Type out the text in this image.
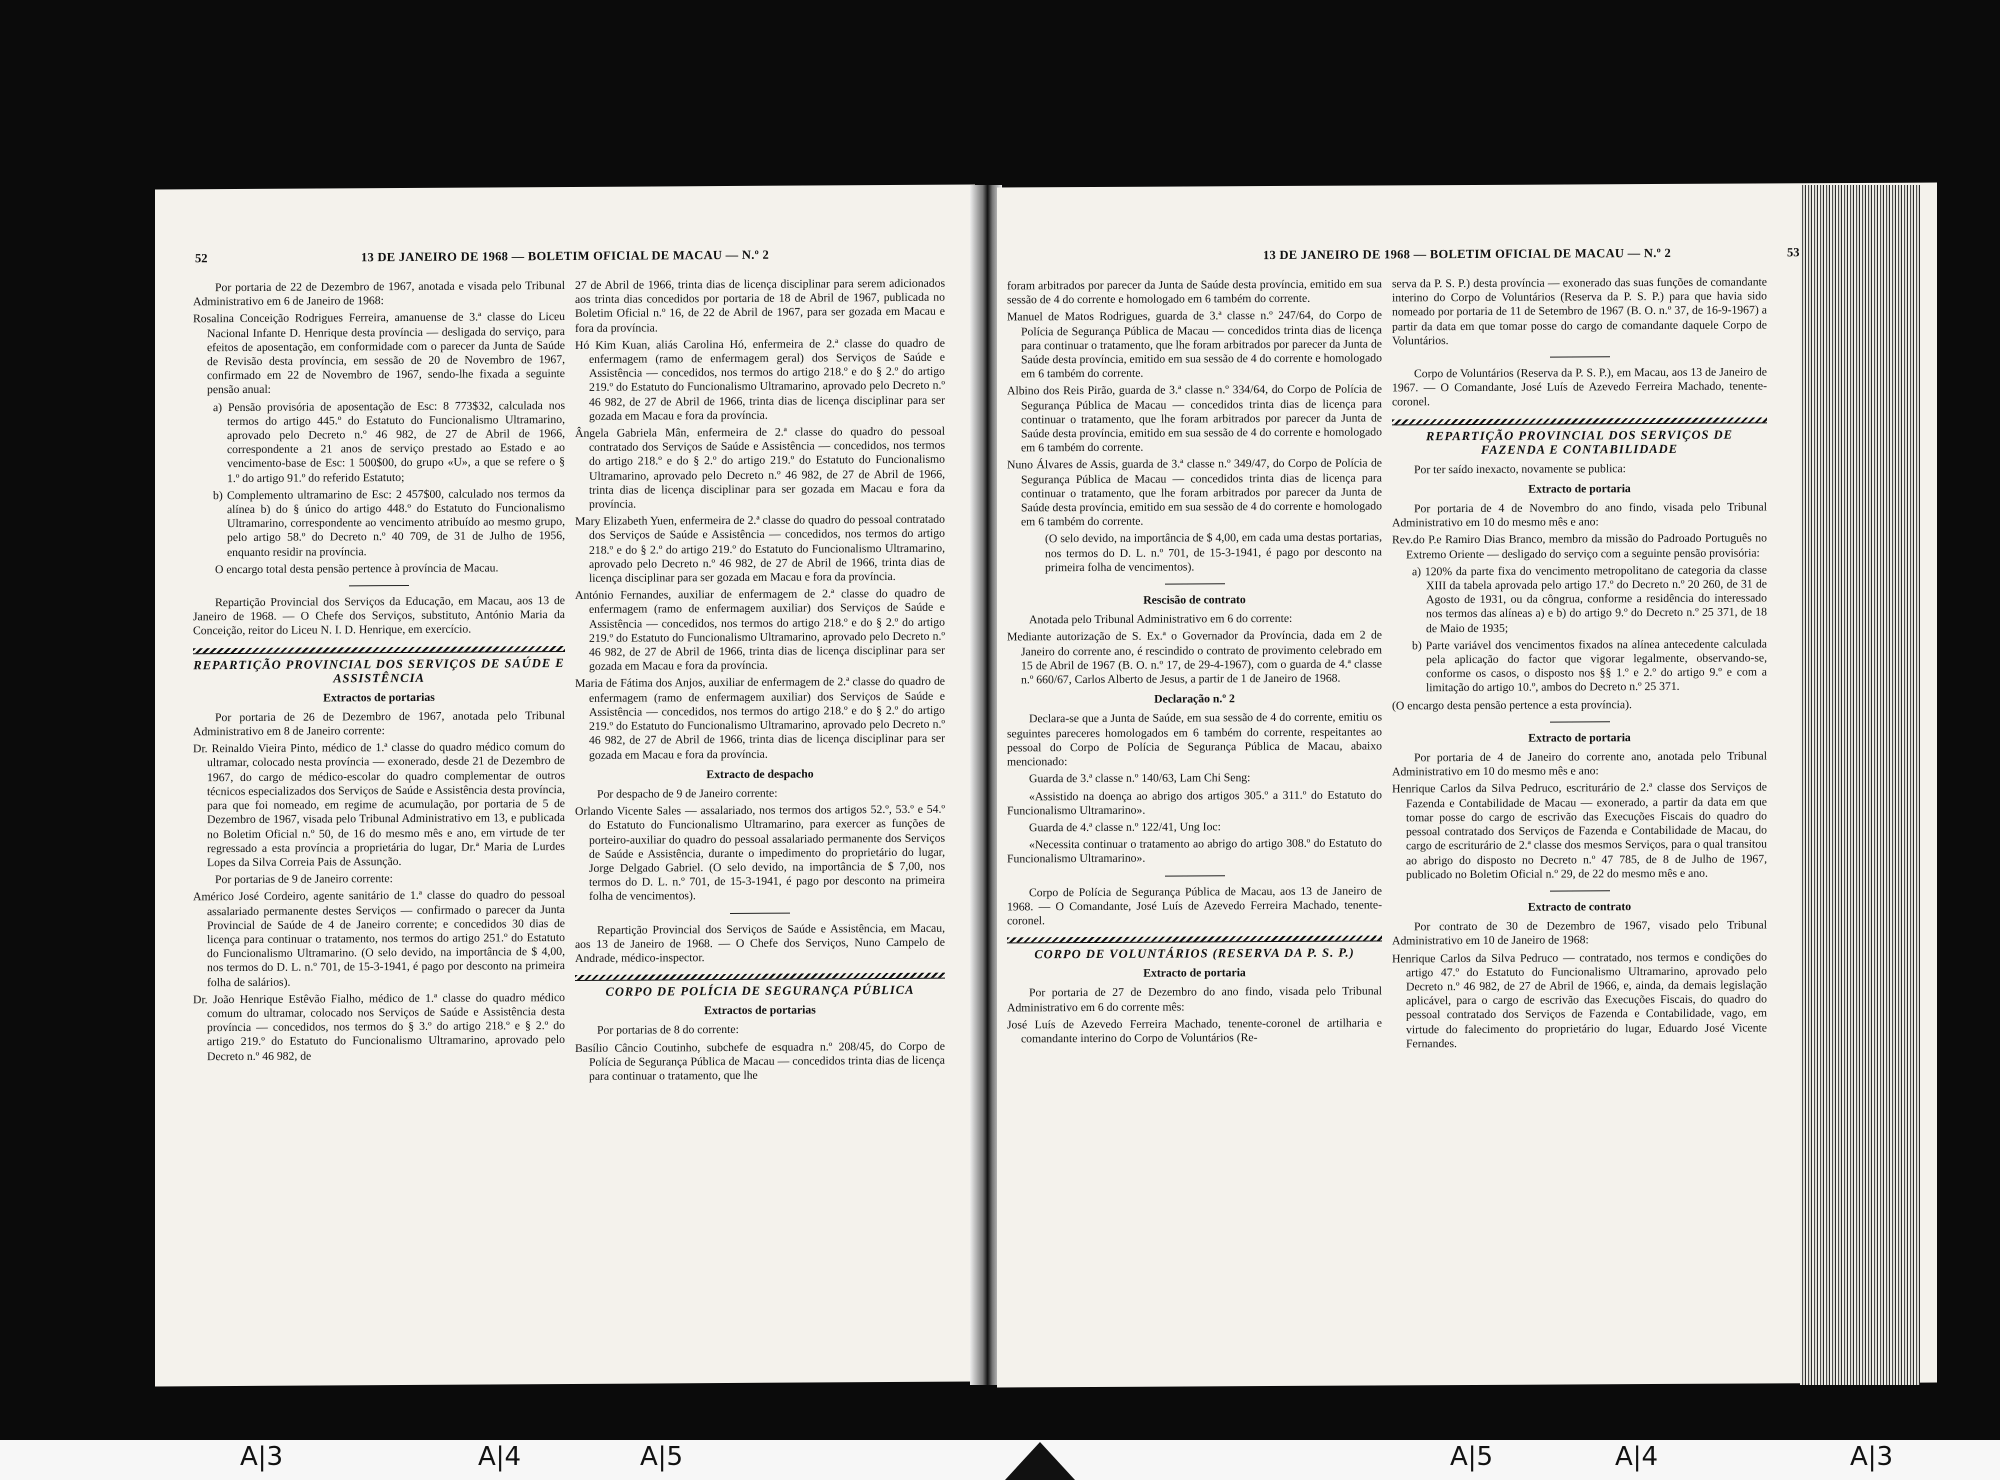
52	13 DE JANEIRO DE 1968 — BOLETIM OFICIAL DE MACAU — N.º 2

Por portaria de 22 de Dezembro de 1967, anotada e visada pelo Tribunal Administrativo em 6 de Janeiro de 1968:

Rosalina Conceição Rodrigues Ferreira, amanuense de 3.ª classe do Liceu Nacional Infante D. Henrique desta província — desligada do serviço, para efeitos de aposentação, em conformidade com o parecer da Junta de Saúde de Revisão desta província, em sessão de 20 de Novembro de 1967, confirmado em 22 de Novembro de 1967, sendo-lhe fixada a seguinte pensão anual:

a) Pensão provisória de aposentação de Esc: 8 773$32, calculada nos termos do artigo 445.º do Estatuto do Funcionalismo Ultramarino, aprovado pelo Decreto n.º 46 982, de 27 de Abril de 1966, correspondente a 21 anos de serviço prestado ao Estado e ao vencimento-base de Esc: 1 500$00, do grupo «U», a que se refere o § 1.º do artigo 91.º do referido Estatuto;

b) Complemento ultramarino de Esc: 2 457$00, calculado nos termos da alínea b) do § único do artigo 448.º do Estatuto do Funcionalismo Ultramarino, correspondente ao vencimento atribuído ao mesmo grupo, pelo artigo 58.º do Decreto n.º 40 709, de 31 de Julho de 1956, enquanto residir na província.

O encargo total desta pensão pertence à província de Macau.

Repartição Provincial dos Serviços da Educação, em Macau, aos 13 de Janeiro de 1968. — O Chefe dos Serviços, substituto, António Maria da Conceição, reitor do Liceu N. I. D. Henrique, em exercício.

REPARTIÇÃO PROVINCIAL DOS SERVIÇOS DE SAÚDE E ASSISTÊNCIA

Extractos de portarias

Por portaria de 26 de Dezembro de 1967, anotada pelo Tribunal Administrativo em 8 de Janeiro corrente:

Dr. Reinaldo Vieira Pinto, médico de 1.ª classe do quadro médico comum do ultramar, colocado nesta província — exonerado, desde 21 de Dezembro de 1967, do cargo de médico-escolar do quadro complementar de outros técnicos especializados dos Serviços de Saúde e Assistência desta província, para que foi nomeado, em regime de acumulação, por portaria de 5 de Dezembro de 1967, visada pelo Tribunal Administrativo em 13, e publicada no Boletim Oficial n.º 50, de 16 do mesmo mês e ano, em virtude de ter regressado a esta província a proprietária do lugar, Dr.ª Maria de Lurdes Lopes da Silva Correia Pais de Assunção.

Por portarias de 9 de Janeiro corrente:

Américo José Cordeiro, agente sanitário de 1.ª classe do quadro do pessoal assalariado permanente destes Serviços — confirmado o parecer da Junta Provincial de Saúde de 4 de Janeiro corrente; e concedidos 30 dias de licença para continuar o tratamento, nos termos do artigo 251.º do Estatuto do Funcionalismo Ultramarino. (O selo devido, na importância de $ 4,00, nos termos do D. L. n.º 701, de 15-3-1941, é pago por desconto na primeira folha de salários).

Dr. João Henrique Estêvão Fialho, médico de 1.ª classe do quadro médico comum do ultramar, colocado nos Serviços de Saúde e Assistência desta província — concedidos, nos termos do § 3.º do artigo 218.º e § 2.º do artigo 219.º do Estatuto do Funcionalismo Ultramarino, aprovado pelo Decreto n.º 46 982, de

27 de Abril de 1966, trinta dias de licença disciplinar para serem adicionados aos trinta dias concedidos por portaria de 18 de Abril de 1967, publicada no Boletim Oficial n.º 16, de 22 de Abril de 1967, para ser gozada em Macau e fora da província.

Hó Kim Kuan, aliás Carolina Hó, enfermeira de 2.ª classe do quadro de enfermagem (ramo de enfermagem geral) dos Serviços de Saúde e Assistência — concedidos, nos termos do artigo 218.º e do § 2.º do artigo 219.º do Estatuto do Funcionalismo Ultramarino, aprovado pelo Decreto n.º 46 982, de 27 de Abril de 1966, trinta dias de licença disciplinar para ser gozada em Macau e fora da província.

Ângela Gabriela Mân, enfermeira de 2.ª classe do quadro do pessoal contratado dos Serviços de Saúde e Assistência — concedidos, nos termos do artigo 218.º e do § 2.º do artigo 219.º do Estatuto do Funcionalismo Ultramarino, aprovado pelo Decreto n.º 46 982, de 27 de Abril de 1966, trinta dias de licença disciplinar para ser gozada em Macau e fora da província.

Mary Elizabeth Yuen, enfermeira de 2.ª classe do quadro do pessoal contratado dos Serviços de Saúde e Assistência — concedidos, nos termos do artigo 218.º e do § 2.º do artigo 219.º do Estatuto do Funcionalismo Ultramarino, aprovado pelo Decreto n.º 46 982, de 27 de Abril de 1966, trinta dias de licença disciplinar para ser gozada em Macau e fora da província.

António Fernandes, auxiliar de enfermagem de 2.ª classe do quadro de enfermagem (ramo de enfermagem auxiliar) dos Serviços de Saúde e Assistência — concedidos, nos termos do artigo 218.º e do § 2.º do artigo 219.º do Estatuto do Funcionalismo Ultramarino, aprovado pelo Decreto n.º 46 982, de 27 de Abril de 1966, trinta dias de licença disciplinar para ser gozada em Macau e fora da província.

Maria de Fátima dos Anjos, auxiliar de enfermagem de 2.ª classe do quadro de enfermagem (ramo de enfermagem auxiliar) dos Serviços de Saúde e Assistência — concedidos, nos termos do artigo 218.º e do § 2.º do artigo 219.º do Estatuto do Funcionalismo Ultramarino, aprovado pelo Decreto n.º 46 982, de 27 de Abril de 1966, trinta dias de licença disciplinar para ser gozada em Macau e fora da província.

Extracto de despacho

Por despacho de 9 de Janeiro corrente:

Orlando Vicente Sales — assalariado, nos termos dos artigos 52.º, 53.º e 54.º do Estatuto do Funcionalismo Ultramarino, para exercer as funções de porteiro-auxiliar do quadro do pessoal assalariado permanente dos Serviços de Saúde e Assistência, durante o impedimento do proprietário do lugar, Jorge Delgado Gabriel. (O selo devido, na importância de $ 7,00, nos termos do D. L. n.º 701, de 15-3-1941, é pago por desconto na primeira folha de vencimentos).

Repartição Provincial dos Serviços de Saúde e Assistência, em Macau, aos 13 de Janeiro de 1968. — O Chefe dos Serviços, Nuno Campelo de Andrade, médico-inspector.

CORPO DE POLÍCIA DE SEGURANÇA PÚBLICA

Extractos de portarias

Por portarias de 8 do corrente:

Basílio Câncio Coutinho, subchefe de esquadra n.º 208/45, do Corpo de Polícia de Segurança Pública de Macau — concedidos trinta dias de licença para continuar o tratamento, que lhe

13 DE JANEIRO DE 1968 — BOLETIM OFICIAL DE MACAU — N.º 2	53

foram arbitrados por parecer da Junta de Saúde desta província, emitido em sua sessão de 4 do corrente e homologado em 6 também do corrente.

Manuel de Matos Rodrigues, guarda de 3.ª classe n.º 247/64, do Corpo de Polícia de Segurança Pública de Macau — concedidos trinta dias de licença para continuar o tratamento, que lhe foram arbitrados por parecer da Junta de Saúde desta província, emitido em sua sessão de 4 do corrente e homologado em 6 também do corrente.

Albino dos Reis Pirão, guarda de 3.ª classe n.º 334/64, do Corpo de Polícia de Segurança Pública de Macau — concedidos trinta dias de licença para continuar o tratamento, que lhe foram arbitrados por parecer da Junta de Saúde desta província, emitido em sua sessão de 4 do corrente e homologado em 6 também do corrente.

Nuno Álvares de Assis, guarda de 3.ª classe n.º 349/47, do Corpo de Polícia de Segurança Pública de Macau — concedidos trinta dias de licença para continuar o tratamento, que lhe foram arbitrados por parecer da Junta de Saúde desta província, emitido em sua sessão de 4 do corrente e homologado em 6 também do corrente.

(O selo devido, na importância de $ 4,00, em cada uma destas portarias, nos termos do D. L. n.º 701, de 15-3-1941, é pago por desconto na primeira folha de vencimentos).

Rescisão de contrato

Anotada pelo Tribunal Administrativo em 6 do corrente:

Mediante autorização de S. Ex.ª o Governador da Província, dada em 2 de Janeiro do corrente ano, é rescindido o contrato de provimento celebrado em 15 de Abril de 1967 (B. O. n.º 17, de 29-4-1967), com o guarda de 4.ª classe n.º 660/67, Carlos Alberto de Jesus, a partir de 1 de Janeiro de 1968.

Declaração n.º 2

Declara-se que a Junta de Saúde, em sua sessão de 4 do corrente, emitiu os seguintes pareceres homologados em 6 também do corrente, respeitantes ao pessoal do Corpo de Polícia de Segurança Pública de Macau, abaixo mencionado:

Guarda de 3.ª classe n.º 140/63, Lam Chi Seng:

«Assistido na doença ao abrigo dos artigos 305.º a 311.º do Estatuto do Funcionalismo Ultramarino».

Guarda de 4.ª classe n.º 122/41, Ung Ioc:

«Necessita continuar o tratamento ao abrigo do artigo 308.º do Estatuto do Funcionalismo Ultramarino».

Corpo de Polícia de Segurança Pública de Macau, aos 13 de Janeiro de 1968. — O Comandante, José Luís de Azevedo Ferreira Machado, tenente-coronel.

CORPO DE VOLUNTÁRIOS (RESERVA DA P. S. P.)

Extracto de portaria

Por portaria de 27 de Dezembro do ano findo, visada pelo Tribunal Administrativo em 6 do corrente mês:

José Luís de Azevedo Ferreira Machado, tenente-coronel de artilharia e comandante interino do Corpo de Voluntários (Re-

serva da P. S. P.) desta província — exonerado das suas funções de comandante interino do Corpo de Voluntários (Reserva da P. S. P.) para que havia sido nomeado por portaria de 11 de Setembro de 1967 (B. O. n.º 37, de 16-9-1967) a partir da data em que tomar posse do cargo de comandante daquele Corpo de Voluntários.

Corpo de Voluntários (Reserva da P. S. P.), em Macau, aos 13 de Janeiro de 1967. — O Comandante, José Luís de Azevedo Ferreira Machado, tenente-coronel.

REPARTIÇÃO PROVINCIAL DOS SERVIÇOS DE FAZENDA E CONTABILIDADE

Por ter saído inexacto, novamente se publica:

Extracto de portaria

Por portaria de 4 de Novembro do ano findo, visada pelo Tribunal Administrativo em 10 do mesmo mês e ano:

Rev.do P.e Ramiro Dias Branco, membro da missão do Padroado Português no Extremo Oriente — desligado do serviço com a seguinte pensão provisória:

a) 120% da parte fixa do vencimento metropolitano de categoria da classe XIII da tabela aprovada pelo artigo 17.º do Decreto n.º 20 260, de 31 de Agosto de 1931, ou da côngrua, conforme a residência do interessado nos termos das alíneas a) e b) do artigo 9.º do Decreto n.º 25 371, de 18 de Maio de 1935;

b) Parte variável dos vencimentos fixados na alínea antecedente calculada pela aplicação do factor que vigorar legalmente, observando-se, conforme os casos, o disposto nos §§ 1.º e 2.º do artigo 9.º e com a limitação do artigo 10.º, ambos do Decreto n.º 25 371.

(O encargo desta pensão pertence a esta província).

Extracto de portaria

Por portaria de 4 de Janeiro do corrente ano, anotada pelo Tribunal Administrativo em 10 do mesmo mês e ano:

Henrique Carlos da Silva Pedruco, escriturário de 2.ª classe dos Serviços de Fazenda e Contabilidade de Macau — exonerado, a partir da data em que tomar posse do cargo de escrivão das Execuções Fiscais do quadro do pessoal contratado dos Serviços de Fazenda e Contabilidade de Macau, do cargo de escriturário de 2.ª classe dos mesmos Serviços, para o qual transitou ao abrigo do disposto no Decreto n.º 47 785, de 8 de Julho de 1967, publicado no Boletim Oficial n.º 29, de 22 do mesmo mês e ano.

Extracto de contrato

Por contrato de 30 de Dezembro de 1967, visado pelo Tribunal Administrativo em 10 de Janeiro de 1968:

Henrique Carlos da Silva Pedruco — contratado, nos termos e condições do artigo 47.º do Estatuto do Funcionalismo Ultramarino, aprovado pelo Decreto n.º 46 982, de 27 de Abril de 1966, e, ainda, da demais legislação aplicável, para o cargo de escrivão das Execuções Fiscais, do quadro do pessoal contratado dos Serviços de Fazenda e Contabilidade, vago, em virtude do falecimento do proprietário do lugar, Eduardo José Vicente Fernandes.

A|3	A|4	A|5	A|5	A|4	A|3
